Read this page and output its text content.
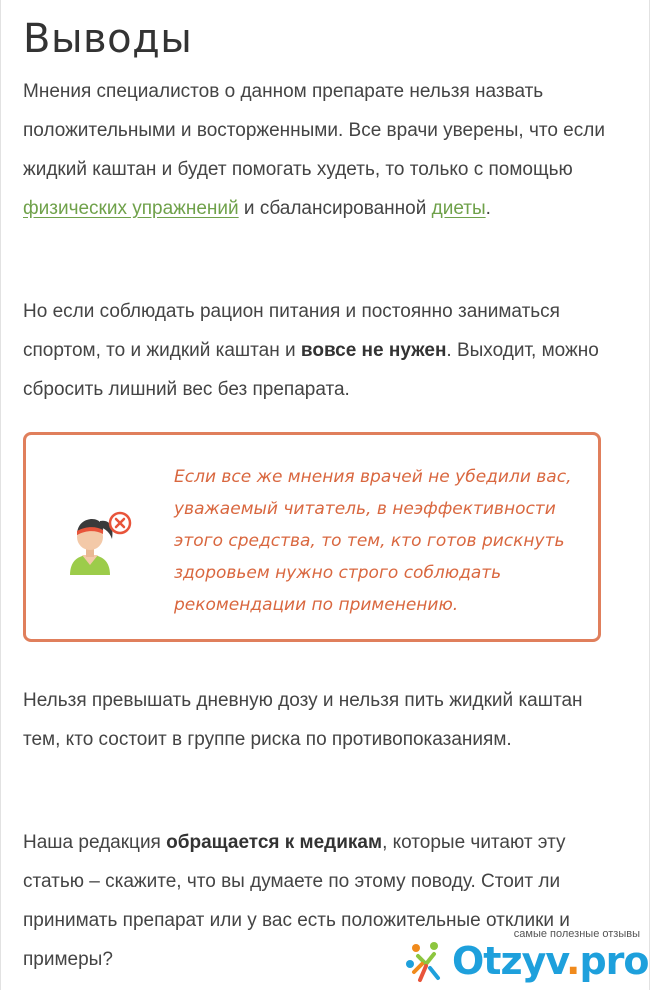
Выводы

Мнения специалистов о данном препарате нельзя назвать положительными и восторженными. Все врачи уверены, что если жидкий каштан и будет помогать худеть, то только с помощью физических упражнений и сбалансированной диеты.

Но если соблюдать рацион питания и постоянно заниматься спортом, то и жидкий каштан и вовсе не нужен. Выходит, можно сбросить лишний вес без препарата.

Если все же мнения врачей не убедили вас, уважаемый читатель, в неэффективности этого средства, то тем, кто готов рискнуть здоровьем нужно строго соблюдать рекомендации по применению.

Нельзя превышать дневную дозу и нельзя пить жидкий каштан тем, кто состоит в группе риска по противопоказаниям.

Наша редакция обращается к медикам, которые читают эту статью – скажите, что вы думаете по этому поводу. Стоит ли принимать препарат или у вас есть положительные отклики и примеры?

самые полезные отзывы
Otzyv.pro
